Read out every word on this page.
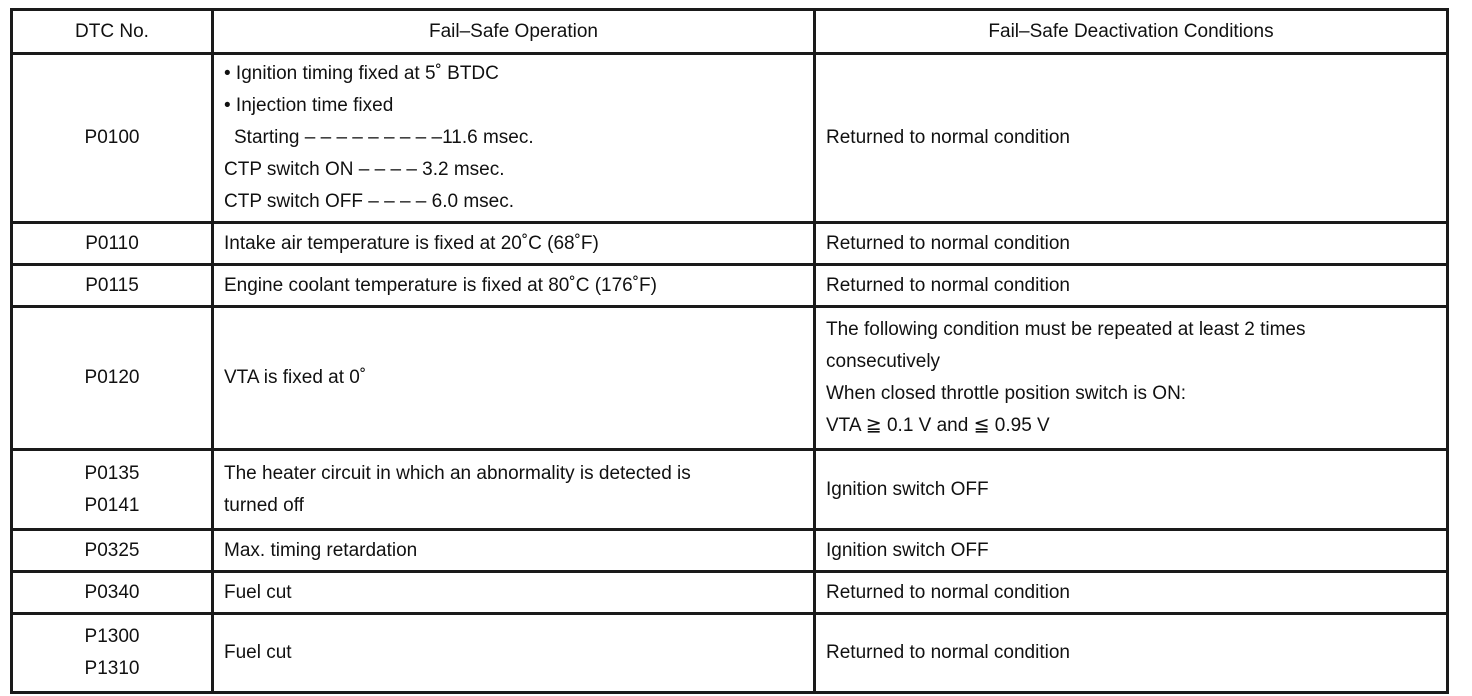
DTC No.	Fail–Safe Operation	Fail–Safe Deactivation Conditions

P0100	• Ignition timing fixed at 5˚ BTDC
• Injection time fixed
Starting – – – – – – – – –11.6 msec.
CTP switch ON – – – – 3.2 msec.
CTP switch OFF – – – – 6.0 msec.	Returned to normal condition

P0110	Intake air temperature is fixed at 20˚C (68˚F)	Returned to normal condition

P0115	Engine coolant temperature is fixed at 80˚C (176˚F)	Returned to normal condition

P0120	VTA is fixed at 0˚	The following condition must be repeated at least 2 times
consecutively
When closed throttle position switch is ON:
VTA ≧ 0.1 V and ≦ 0.95 V

P0135
P0141	The heater circuit in which an abnormality is detected is
turned off	Ignition switch OFF

P0325	Max. timing retardation	Ignition switch OFF

P0340	Fuel cut	Returned to normal condition

P1300
P1310	Fuel cut	Returned to normal condition
